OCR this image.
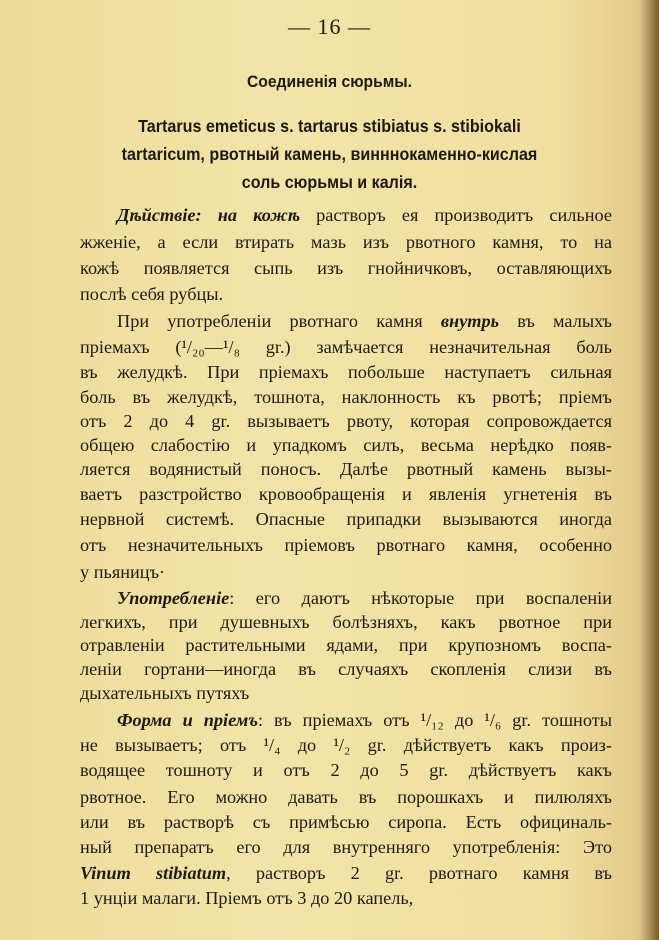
— 16 —
Соединенія сюрьмы.
Tartarus emeticus s. tartarus stibiatus s. stibiokali
tartaricum, рвотный камень, винннокаменно-кислая
соль сюрьмы и калія.
Дѣйствіе: на кожѣ растворъ ея производитъ сильное
жженіе, а если втирать мазь изъ рвотного камня, то на
кожѣ появляется сыпь изъ гнойничковъ, оставляющихъ
послѣ себя рубцы.
При употребленіи рвотнаго камня внутрь въ малыхъ
пріемахъ (¹/₂₀—¹/₈ gr.) замѣчается незначительная боль
въ желудкѣ. При пріемахъ побольше наступаетъ сильная
боль въ желудкѣ, тошнота, наклонность къ рвотѣ; пріемъ
отъ 2 до 4 gr. вызываетъ рвоту, которая сопровождается
общею слабостію и упадкомъ силъ, весьма нерѣдко появ-
ляется водянистый поносъ. Далѣе рвотный камень вызы-
ваетъ разстройство кровообращенія и явленія угнетенія въ
нервной системѣ. Опасные припадки вызываются иногда
отъ незначительныхъ пріемовъ рвотнаго камня, особенно
у пьяницъ·
Употребленіе: его даютъ нѣкоторые при воспаленіи
легкихъ, при душевныхъ болѣзняхъ, какъ рвотное при
отравленіи растительными ядами, при крупозномъ воспа-
леніи гортани—иногда въ случаяхъ скопленія слизи въ
дыхательныхъ путяхъ
Форма и пріемъ: въ пріемахъ отъ ¹/₁₂ до ¹/₆ gr. тошноты
не вызываетъ; отъ ¹/₄ до ¹/₂ gr. дѣйствуетъ какъ произ-
водящее тошноту и отъ 2 до 5 gr. дѣйствуетъ какъ
рвотное. Его можно давать въ порошкахъ и пилюляхъ
или въ растворѣ съ примѣсью сиропа. Есть официналь-
ный препаратъ его для внутренняго употребленія: Это
Vinum stibiatum, растворъ 2 gr. рвотнаго камня въ
1 унціи малаги. Пріемъ отъ 3 до 20 капель,
